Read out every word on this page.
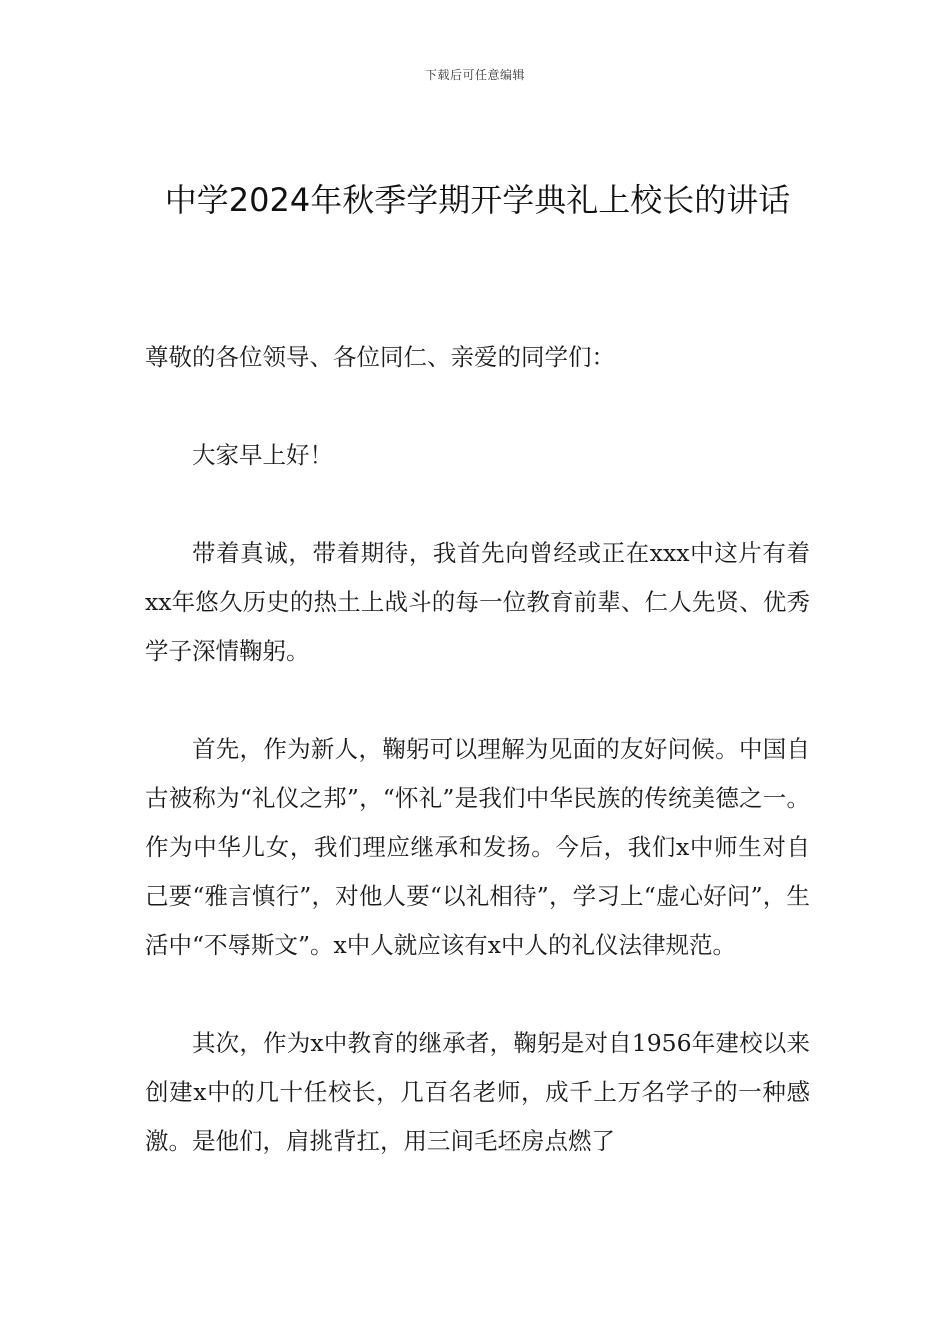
下载后可任意编辑
中学2024年秋季学期开学典礼上校长的讲话

尊敬的各位领导、各位同仁、亲爱的同学们：

大家早上好！

带着真诚，带着期待，我首先向曾经或正在xxx中这片有着xx年悠久历史的热土上战斗的每一位教育前辈、仁人先贤、优秀学子深情鞠躬。

首先，作为新人，鞠躬可以理解为见面的友好问候。中国自古被称为“礼仪之邦”，“怀礼”是我们中华民族的传统美德之一。作为中华儿女，我们理应继承和发扬。今后，我们x中师生对自己要“雅言慎行”，对他人要“以礼相待”，学习上“虚心好问”，生活中“不辱斯文”。x中人就应该有x中人的礼仪法律规范。

其次，作为x中教育的继承者，鞠躬是对自1956年建校以来创建x中的几十任校长，几百名老师，成千上万名学子的一种感激。是他们，肩挑背扛，用三间毛坯房点燃了
